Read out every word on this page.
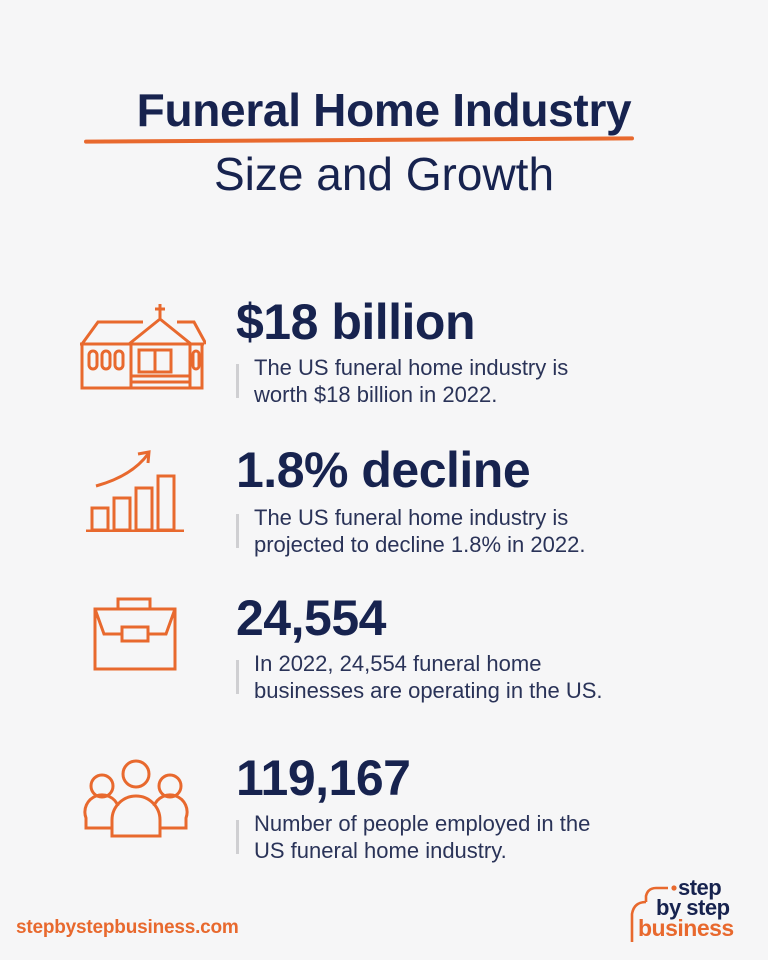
Funeral Home Industry
Size and Growth
$18 billion
The US funeral home industry is
worth $18 billion in 2022.
1.8% decline
The US funeral home industry is
projected to decline 1.8% in 2022.
24,554
In 2022, 24,554 funeral home
businesses are operating in the US.
119,167
Number of people employed in the
US funeral home industry.
stepbystepbusiness.com
step
by step
business
